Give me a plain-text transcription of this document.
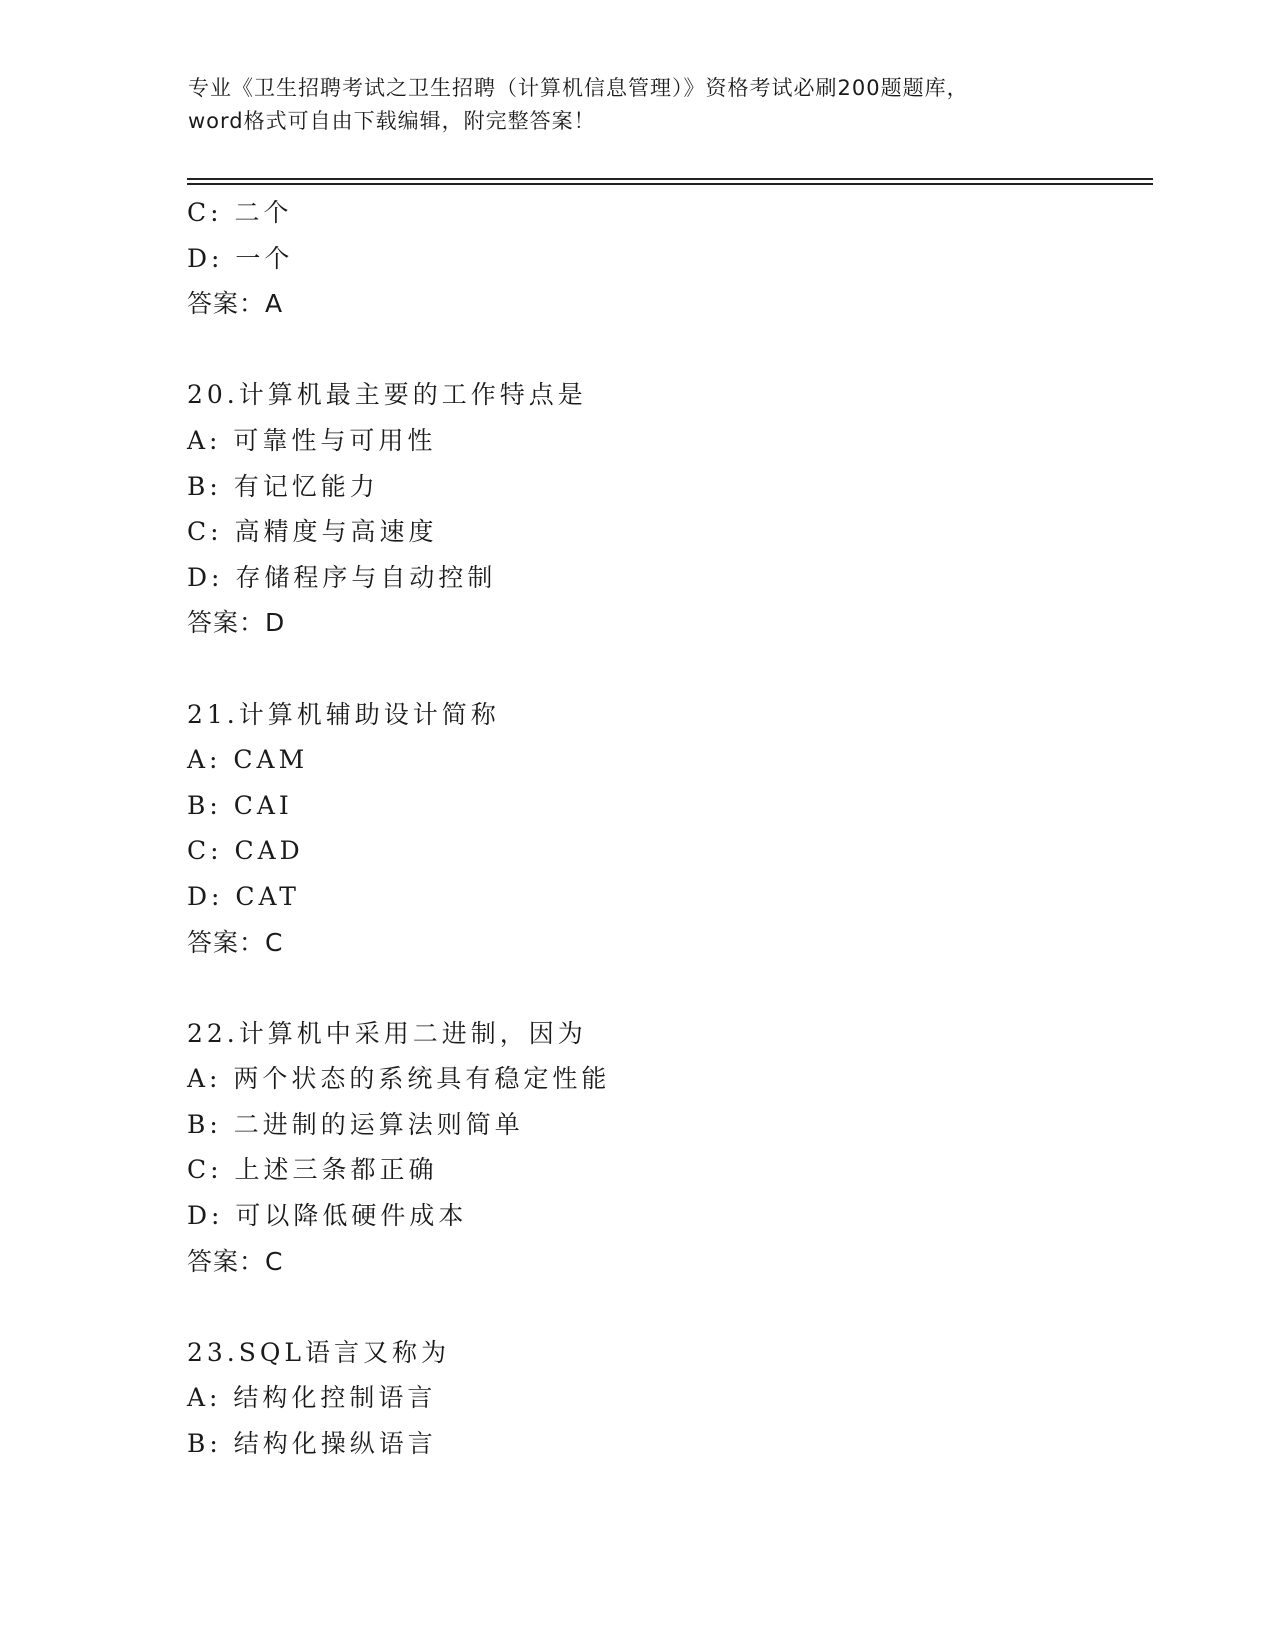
专业《卫生招聘考试之卫生招聘（计算机信息管理）》资格考试必刷200题题库，
word格式可自由下载编辑，附完整答案！
C: 二个
D: 一个
答案：A
20.计算机最主要的工作特点是
A: 可靠性与可用性
B: 有记忆能力
C: 高精度与高速度
D: 存储程序与自动控制
答案：D
21.计算机辅助设计简称
A: CAM
B: CAI
C: CAD
D: CAT
答案：C
22.计算机中采用二进制，因为
A: 两个状态的系统具有稳定性能
B: 二进制的运算法则简单
C: 上述三条都正确
D: 可以降低硬件成本
答案：C
23.SQL语言又称为
A: 结构化控制语言
B: 结构化操纵语言
